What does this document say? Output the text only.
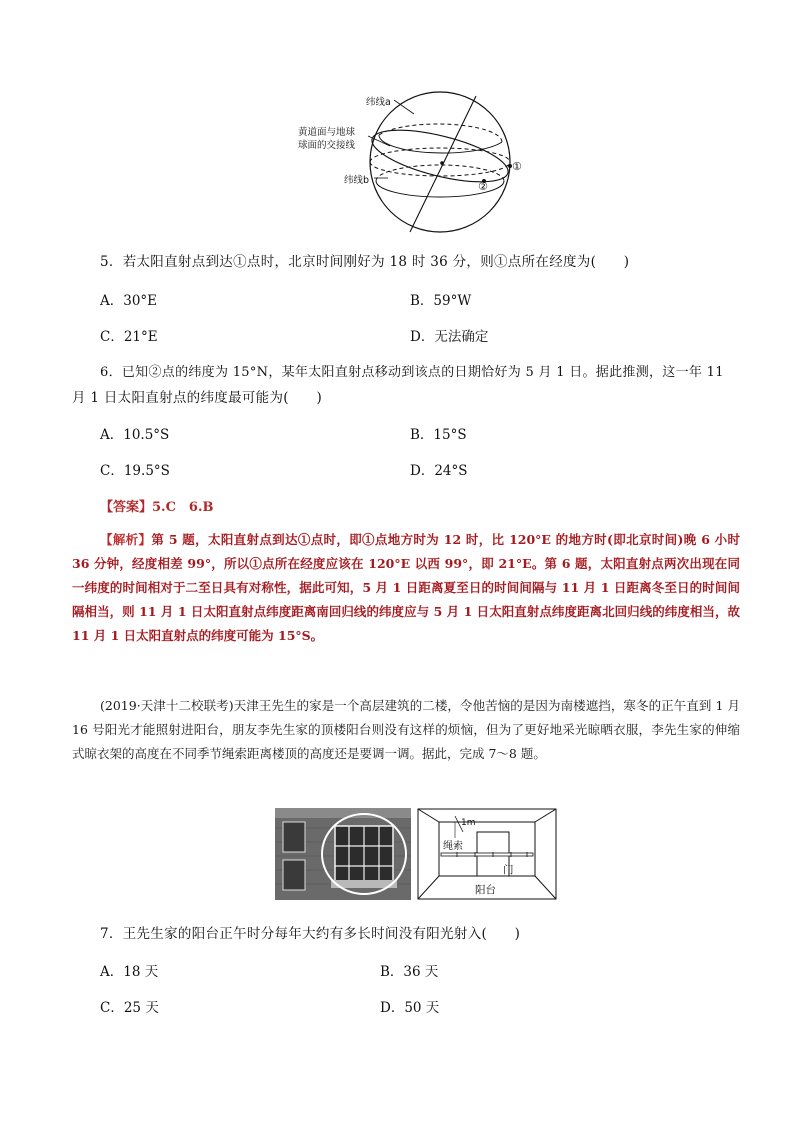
纬线a
黄道面与地球
球面的交接线
纬线b
①
②
5．若太阳直射点到达①点时，北京时间刚好为 18 时 36 分，则①点所在经度为(　　)
A．30°E	B．59°W
C．21°E	D．无法确定
6．已知②点的纬度为 15°N，某年太阳直射点移动到该点的日期恰好为 5 月 1 日。据此推测，这一年 11
月 1 日太阳直射点的纬度最可能为(　　)
A．10.5°S	B．15°S
C．19.5°S	D．24°S
【答案】5.C　6.B
【解析】第 5 题，太阳直射点到达①点时，即①点地方时为 12 时，比 120°E 的地方时(即北京时间)晚 6 小时 36 分钟，经度相差 99°，所以①点所在经度应该在 120°E 以西 99°，即 21°E。第 6 题，太阳直射点两次出现在同一纬度的时间相对于二至日具有对称性，据此可知，5 月 1 日距离夏至日的时间间隔与 11 月 1 日距离冬至日的时间间隔相当，则 11 月 1 日太阳直射点纬度距离南回归线的纬度应与 5 月 1 日太阳直射点纬度距离北回归线的纬度相当，故 11 月 1 日太阳直射点的纬度可能为 15°S。
(2019·天津十二校联考)天津王先生的家是一个高层建筑的二楼，令他苦恼的是因为南楼遮挡，寒冬的正午直到 1 月 16 号阳光才能照射进阳台，朋友李先生家的顶楼阳台则没有这样的烦恼，但为了更好地采光晾晒衣服，李先生家的伸缩式晾衣架的高度在不同季节绳索距离楼顶的高度还是要调一调。据此，完成 7～8 题。
1m
绳索
门
阳台
7．王先生家的阳台正午时分每年大约有多长时间没有阳光射入(　　)
A．18 天	B．36 天
C．25 天	D．50 天
